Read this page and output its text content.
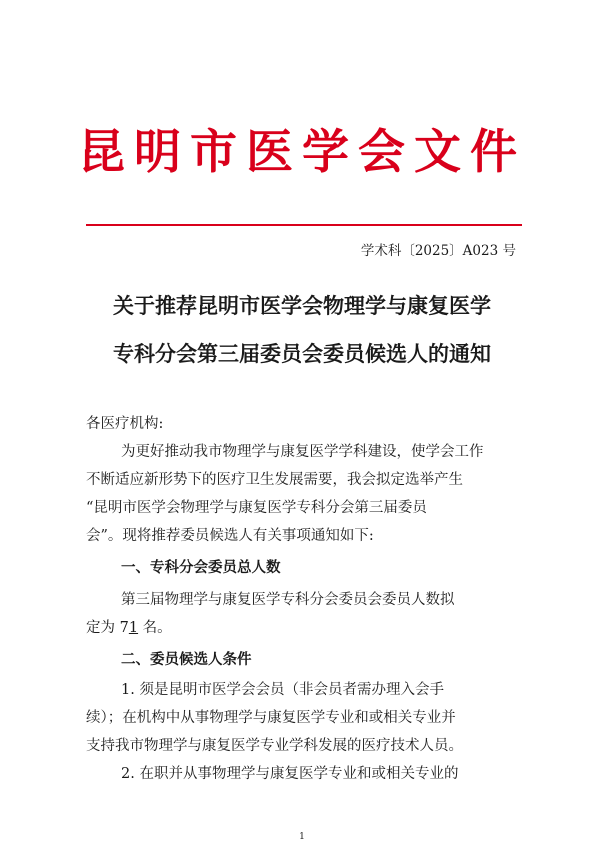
昆明市医学会文件
学术科〔2025〕A023 号
关于推荐昆明市医学会物理学与康复医学
专科分会第三届委员会委员候选人的通知
各医疗机构:
为更好推动我市物理学与康复医学学科建设，使学会工作
不断适应新形势下的医疗卫生发展需要，我会拟定选举产生
“昆明市医学会物理学与康复医学专科分会第三届委员
会”。现将推荐委员候选人有关事项通知如下:
一、专科分会委员总人数
第三届物理学与康复医学专科分会委员会委员人数拟
定为 71 名。
二、委员候选人条件
1. 须是昆明市医学会会员（非会员者需办理入会手
续）；在机构中从事物理学与康复医学专业和或相关专业并
支持我市物理学与康复医学专业学科发展的医疗技术人员。
2. 在职并从事物理学与康复医学专业和或相关专业的
1
